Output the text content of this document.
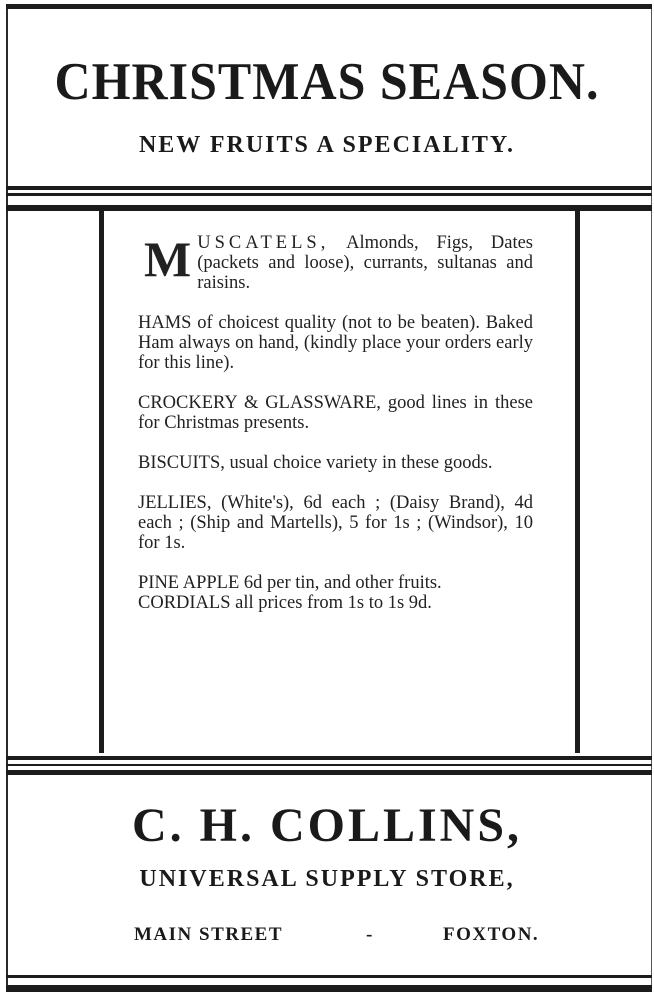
CHRISTMAS SEASON.
NEW FRUITS A SPECIALITY.

MUSCATELS, Almonds, Figs, Dates (packets and loose), currants, sultanas and raisins.

HAMS of choicest quality (not to be beaten). Baked Ham always on hand, (kindly place your orders early for this line).

CROCKERY & GLASSWARE, good lines in these for Christmas presents.

BISCUITS, usual choice variety in these goods.

JELLIES, (White's), 6d each ; (Daisy Brand), 4d each ; (Ship and Martells), 5 for 1s ; (Windsor), 10 for 1s.

PINE APPLE 6d per tin, and other fruits.

CORDIALS all prices from 1s to 1s 9d.

C. H. COLLINS,
UNIVERSAL SUPPLY STORE,
MAIN STREET	-	FOXTON.
